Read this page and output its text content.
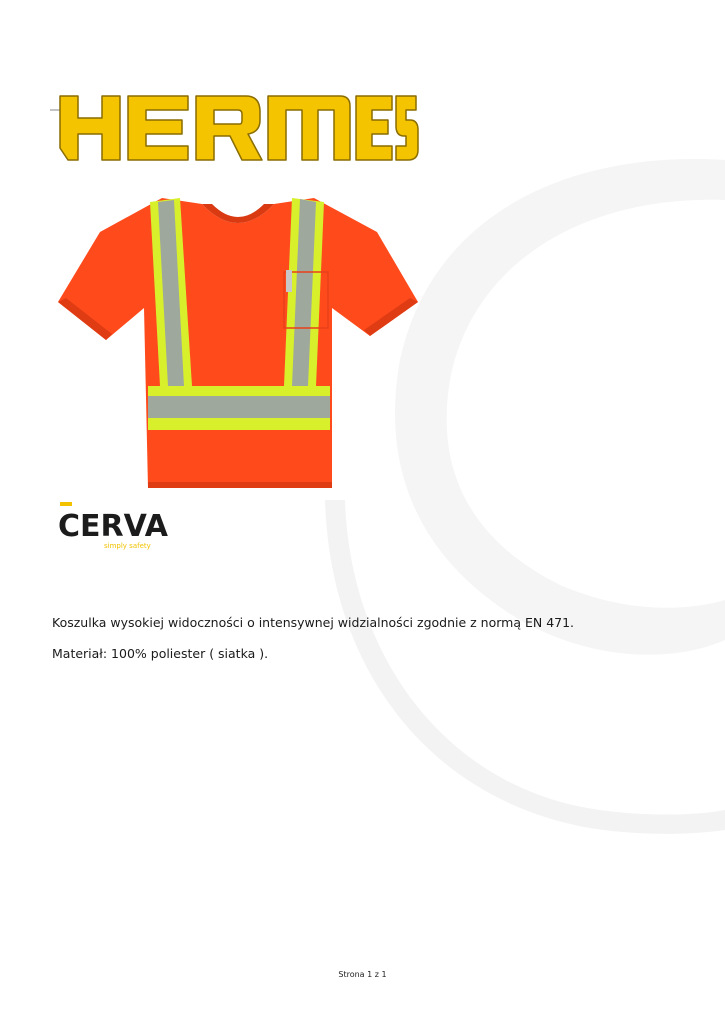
CERVA
simply safety

Koszulka wysokiej widoczności o intensywnej widzialności zgodnie z normą EN 471.

Materiał: 100% poliester ( siatka ).

Strona 1 z 1
